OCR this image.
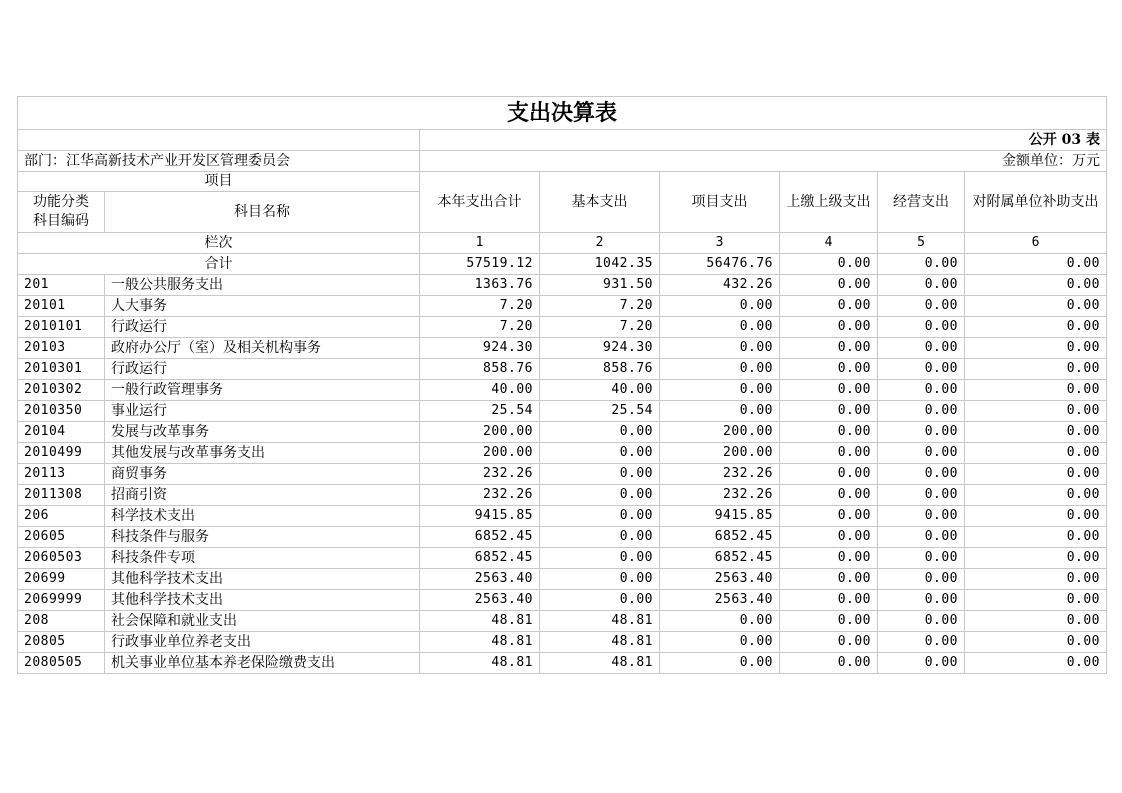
支出决算表							
		公开 03 表					
部门：江华高新技术产业开发区管理委员会		金额单位：万元					
项目		本年支出合计	基本支出	项目支出	上缴上级支出	经营支出	对附属单位补助支出
功能分类
科目编码	科目名称						
栏次		1	2	3	4	5	6
合计		57519.12	1042.35	56476.76	0.00	0.00	0.00
201	一般公共服务支出	1363.76	931.50	432.26	0.00	0.00	0.00
20101	人大事务	7.20	7.20	0.00	0.00	0.00	0.00
2010101	行政运行	7.20	7.20	0.00	0.00	0.00	0.00
20103	政府办公厅（室）及相关机构事务	924.30	924.30	0.00	0.00	0.00	0.00
2010301	行政运行	858.76	858.76	0.00	0.00	0.00	0.00
2010302	一般行政管理事务	40.00	40.00	0.00	0.00	0.00	0.00
2010350	事业运行	25.54	25.54	0.00	0.00	0.00	0.00
20104	发展与改革事务	200.00	0.00	200.00	0.00	0.00	0.00
2010499	其他发展与改革事务支出	200.00	0.00	200.00	0.00	0.00	0.00
20113	商贸事务	232.26	0.00	232.26	0.00	0.00	0.00
2011308	招商引资	232.26	0.00	232.26	0.00	0.00	0.00
206	科学技术支出	9415.85	0.00	9415.85	0.00	0.00	0.00
20605	科技条件与服务	6852.45	0.00	6852.45	0.00	0.00	0.00
2060503	科技条件专项	6852.45	0.00	6852.45	0.00	0.00	0.00
20699	其他科学技术支出	2563.40	0.00	2563.40	0.00	0.00	0.00
2069999	其他科学技术支出	2563.40	0.00	2563.40	0.00	0.00	0.00
208	社会保障和就业支出	48.81	48.81	0.00	0.00	0.00	0.00
20805	行政事业单位养老支出	48.81	48.81	0.00	0.00	0.00	0.00
2080505	机关事业单位基本养老保险缴费支出	48.81	48.81	0.00	0.00	0.00	0.00
